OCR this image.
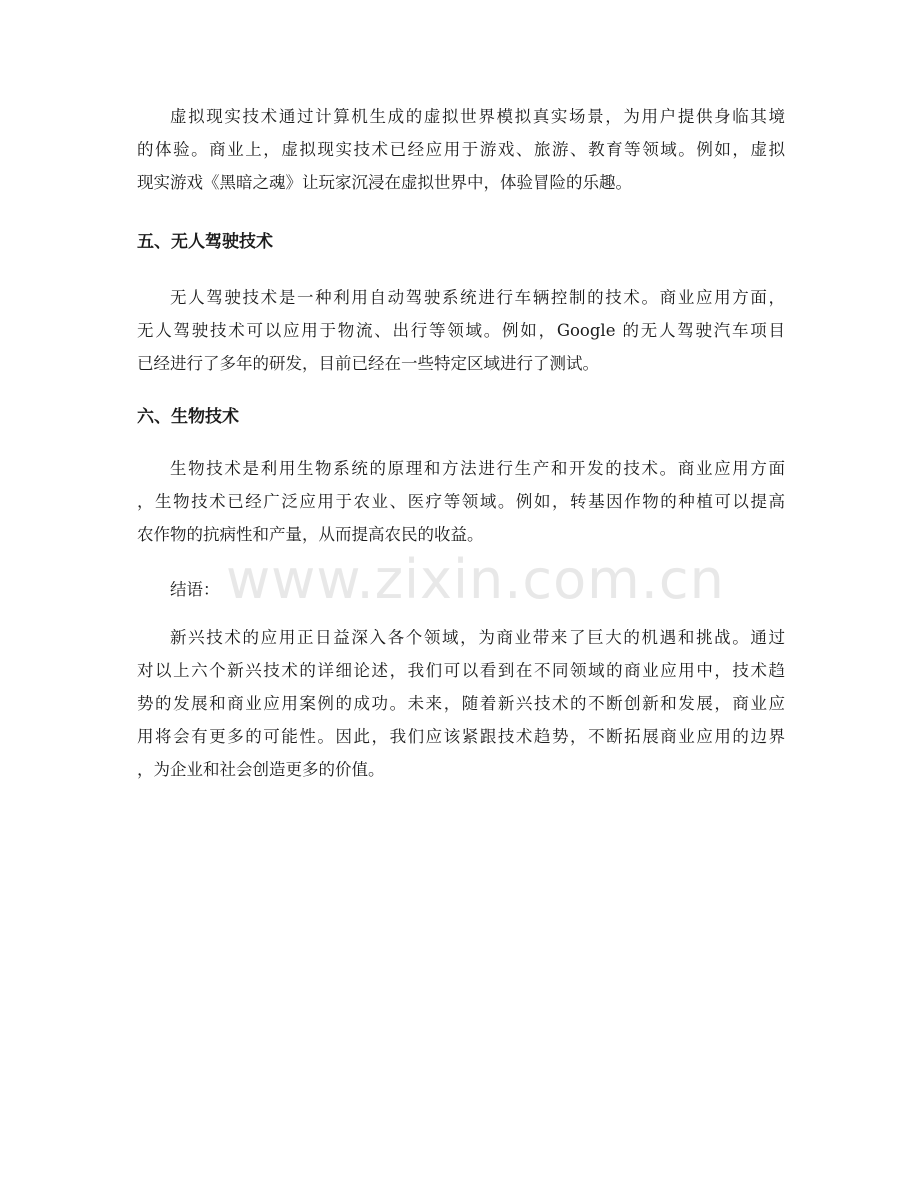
www.zixin.com.cn

虚拟现实技术通过计算机生成的虚拟世界模拟真实场景，为用户提供身临其境
的体验。商业上，虚拟现实技术已经应用于游戏、旅游、教育等领域。例如，虚拟
现实游戏《黑暗之魂》让玩家沉浸在虚拟世界中，体验冒险的乐趣。

五、无人驾驶技术

无人驾驶技术是一种利用自动驾驶系统进行车辆控制的技术。商业应用方面，
无人驾驶技术可以应用于物流、出行等领域。例如，Google 的无人驾驶汽车项目
已经进行了多年的研发，目前已经在一些特定区域进行了测试。

六、生物技术

生物技术是利用生物系统的原理和方法进行生产和开发的技术。商业应用方面
，生物技术已经广泛应用于农业、医疗等领域。例如，转基因作物的种植可以提高
农作物的抗病性和产量，从而提高农民的收益。

结语：

新兴技术的应用正日益深入各个领域，为商业带来了巨大的机遇和挑战。通过
对以上六个新兴技术的详细论述，我们可以看到在不同领域的商业应用中，技术趋
势的发展和商业应用案例的成功。未来，随着新兴技术的不断创新和发展，商业应
用将会有更多的可能性。因此，我们应该紧跟技术趋势，不断拓展商业应用的边界
，为企业和社会创造更多的价值。
